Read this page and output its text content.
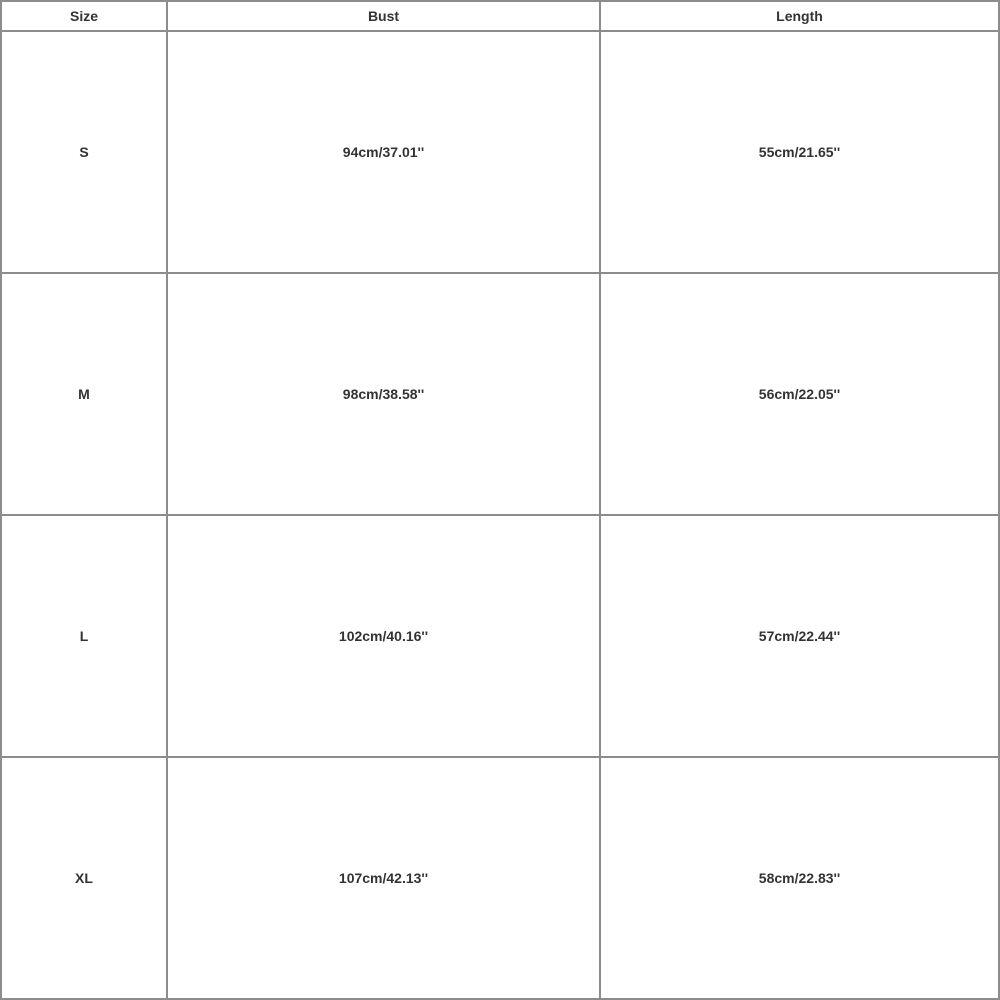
Size	Bust	Length
S	94cm/37.01''	55cm/21.65''
M	98cm/38.58''	56cm/22.05''
L	102cm/40.16''	57cm/22.44''
XL	107cm/42.13''	58cm/22.83''
